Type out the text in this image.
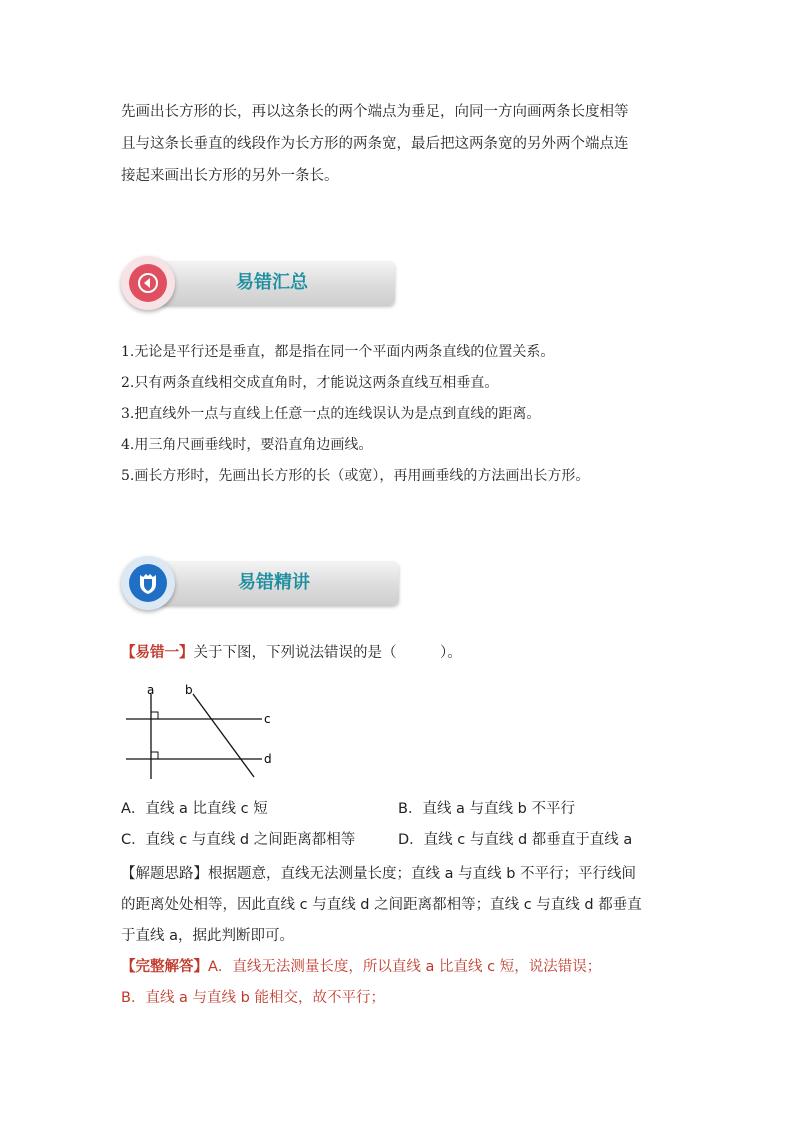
先画出长方形的长，再以这条长的两个端点为垂足，向同一方向画两条长度相等
且与这条长垂直的线段作为长方形的两条宽，最后把这两条宽的另外两个端点连
接起来画出长方形的另外一条长。
易错汇总
1.无论是平行还是垂直，都是指在同一个平面内两条直线的位置关系。
2.只有两条直线相交成直角时，才能说这两条直线互相垂直。
3.把直线外一点与直线上任意一点的连线误认为是点到直线的距离。
4.用三角尺画垂线时，要沿直角边画线。
5.画长方形时，先画出长方形的长（或宽），再用画垂线的方法画出长方形。
易错精讲
【易错一】关于下图，下列说法错误的是（　　　）。
a	b
c
d
A．直线 a 比直线 c 短	B．直线 a 与直线 b 不平行
C．直线 c 与直线 d 之间距离都相等	D．直线 c 与直线 d 都垂直于直线 a
【解题思路】根据题意，直线无法测量长度；直线 a 与直线 b 不平行；平行线间
的距离处处相等，因此直线 c 与直线 d 之间距离都相等；直线 c 与直线 d 都垂直
于直线 a，据此判断即可。
【完整解答】A．直线无法测量长度，所以直线 a 比直线 c 短，说法错误；
B．直线 a 与直线 b 能相交，故不平行；
